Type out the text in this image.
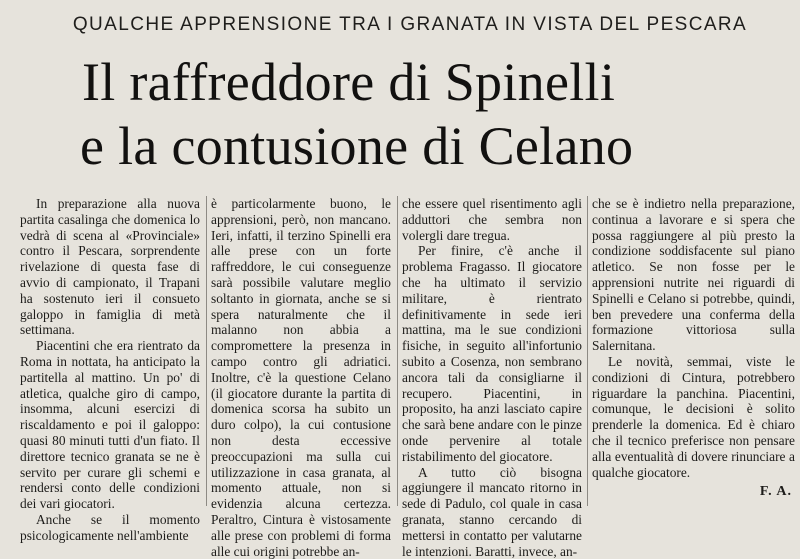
QUALCHE APPRENSIONE TRA I GRANATA IN VISTA DEL PESCARA
Il raffreddore di Spinelli
e la contusione di Celano

In preparazione alla nuova partita casalinga che domenica lo vedrà di scena al «Provinciale» contro il Pescara, sorprendente rivelazione di questa fase di avvio di campionato, il Trapani ha sostenuto ieri il consueto galoppo in famiglia di metà settimana.

Piacentini che era rientrato da Roma in nottata, ha anticipato la partitella al mattino. Un po' di atletica, qualche giro di campo, insomma, alcuni esercizi di riscaldamento e poi il galoppo: quasi 80 minuti tutti d'un fiato. Il direttore tecnico granata se ne è servito per curare gli schemi e rendersi conto delle condizioni dei vari giocatori.

Anche se il momento psicologicamente nell'ambiente

è particolarmente buono, le apprensioni, però, non mancano. Ieri, infatti, il terzino Spinelli era alle prese con un forte raffreddore, le cui conseguenze sarà possibile valutare meglio soltanto in giornata, anche se si spera naturalmente che il malanno non abbia a compromettere la presenza in campo contro gli adriatici. Inoltre, c'è la questione Celano (il giocatore durante la partita di domenica scorsa ha subito un duro colpo), la cui contusione non desta eccessive preoccupazioni ma sulla cui utilizzazione in casa granata, al momento attuale, non si evidenzia alcuna certezza. Peraltro, Cintura è vistosamente alle prese con problemi di forma alle cui origini potrebbe an-

che essere quel risentimento agli adduttori che sembra non volergli dare tregua.

Per finire, c'è anche il problema Fragasso. Il giocatore che ha ultimato il servizio militare, è rientrato definitivamente in sede ieri mattina, ma le sue condizioni fisiche, in seguito all'infortunio subito a Cosenza, non sembrano ancora tali da consigliarne il recupero. Piacentini, in proposito, ha anzi lasciato capire che sarà bene andare con le pinze onde pervenire al totale ristabilimento del giocatore.

A tutto ciò bisogna aggiungere il mancato ritorno in sede di Padulo, col quale in casa granata, stanno cercando di mettersi in contatto per valutarne le intenzioni. Baratti, invece, an-

che se è indietro nella preparazione, continua a lavorare e si spera che possa raggiungere al più presto la condizione soddisfacente sul piano atletico. Se non fosse per le apprensioni nutrite nei riguardi di Spinelli e Celano si potrebbe, quindi, ben prevedere una conferma della formazione vittoriosa sulla Salernitana.

Le novità, semmai, viste le condizioni di Cintura, potrebbero riguardare la panchina. Piacentini, comunque, le decisioni è solito prenderle la domenica. Ed è chiaro che il tecnico preferisce non pensare alla eventualità di dovere rinunciare a qualche giocatore.

F. A.
